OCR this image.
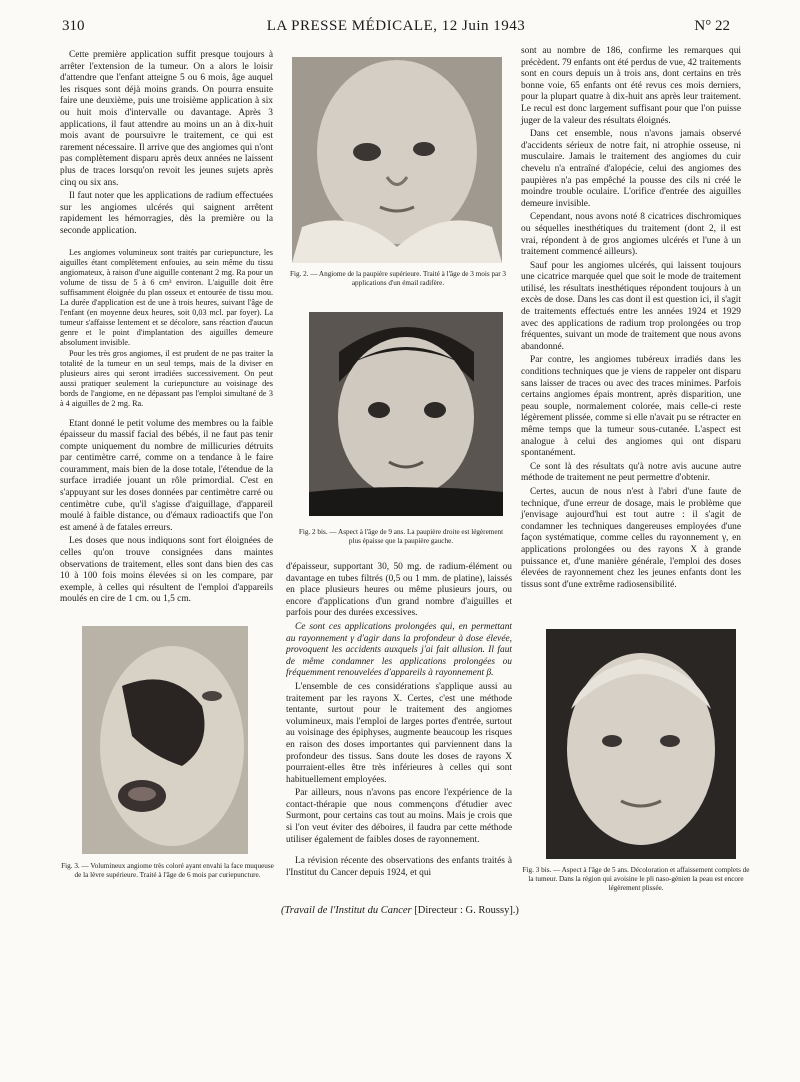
310	LA PRESSE MÉDICALE, 12 Juin 1943	N° 22

Cette première application suffit presque toujours à arrêter l'extension de la tumeur. On a alors le loisir d'attendre que l'enfant atteigne 5 ou 6 mois, âge auquel les risques sont déjà moins grands. On pourra ensuite faire une deuxième, puis une troisième application à six ou huit mois d'intervalle ou davantage. Après 3 applications, il faut attendre au moins un an à dix-huit mois avant de poursuivre le traitement, ce qui est rarement nécessaire. Il arrive que des angiomes qui n'ont pas complètement disparu après deux années ne laissent plus de traces lorsqu'on revoit les jeunes sujets après cinq ou six ans.

Il faut noter que les applications de radium effectuées sur les angiomes ulcérés qui saignent arrêtent rapidement les hémorragies, dès la première ou la seconde application.

Les angiomes volumineux sont traités par curiepuncture, les aiguilles étant complètement enfouies, au sein même du tissu angiomateux, à raison d'une aiguille contenant 2 mg. Ra pour un volume de tissu de 5 à 6 cm³ environ. L'aiguille doit être suffisamment éloignée du plan osseux et entourée de tissu mou. La durée d'application est de une à trois heures, suivant l'âge de l'enfant (en moyenne deux heures, soit 0,03 mcl. par foyer). La tumeur s'affaisse lentement et se décolore, sans réaction d'aucun genre et le point d'implantation des aiguilles demeure absolument invisible.

Pour les très gros angiomes, il est prudent de ne pas traiter la totalité de la tumeur en un seul temps, mais de la diviser en plusieurs aires qui seront irradiées successivement. On peut aussi pratiquer seulement la curiepuncture au voisinage des bords de l'angiome, en ne dépassant pas l'emploi simultané de 3 à 4 aiguilles de 2 mg. Ra.

Etant donné le petit volume des membres ou la faible épaisseur du massif facial des bébés, il ne faut pas tenir compte uniquement du nombre de millicuries détruits par centimètre carré, comme on a tendance à le faire couramment, mais bien de la dose totale, l'étendue de la surface irradiée jouant un rôle primordial. C'est en s'appuyant sur les doses données par centimètre carré ou centimètre cube, qu'il s'agisse d'aiguillage, d'appareil moulé à faible distance, ou d'émaux radioactifs que l'on est amené à de fatales erreurs.

Les doses que nous indiquons sont fort éloignées de celles qu'on trouve consignées dans maintes observations de traitement, elles sont dans bien des cas 10 à 100 fois moins élevées si on les compare, par exemple, à celles qui résultent de l'emploi d'appareils moulés en cire de 1 cm. ou 1,5 cm.

Fig. 3. — Volumineux angiome très coloré ayant envahi la face muqueuse de la lèvre supérieure. Traité à l'âge de 6 mois par curiepuncture.
Fig. 2. — Angiome de la paupière supérieure. Traité à l'âge de 3 mois par 3 applications d'un émail radifère.
Fig. 2 bis. — Aspect à l'âge de 9 ans. La paupière droite est légèrement plus épaisse que la paupière gauche.

d'épaisseur, supportant 30, 50 mg. de radium-élément ou davantage en tubes filtrés (0,5 ou 1 mm. de platine), laissés en place plusieurs heures ou même plusieurs jours, ou encore d'applications d'un grand nombre d'aiguilles et parfois pour des durées excessives.

Ce sont ces applications prolongées qui, en permettant au rayonnement γ d'agir dans la profondeur à dose élevée, provoquent les accidents auxquels j'ai fait allusion. Il faut de même condamner les applications prolongées ou fréquemment renouvelées d'appareils à rayonnement β.

L'ensemble de ces considérations s'applique aussi au traitement par les rayons X. Certes, c'est une méthode tentante, surtout pour le traitement des angiomes volumineux, mais l'emploi de larges portes d'entrée, surtout au voisinage des épiphyses, augmente beaucoup les risques en raison des doses importantes qui parviennent dans la profondeur des tissus. Sans doute les doses de rayons X pourraient-elles être très inférieures à celles qui sont habituellement employées.

Par ailleurs, nous n'avons pas encore l'expérience de la contact-thérapie que nous commençons d'étudier avec Surmont, pour certains cas tout au moins. Mais je crois que si l'on veut éviter des déboires, il faudra par cette méthode utiliser également de faibles doses de rayonnement.

La révision récente des observations des enfants traités à l'Institut du Cancer depuis 1924, et qui

sont au nombre de 186, confirme les remarques qui précèdent. 79 enfants ont été perdus de vue, 42 traitements sont en cours depuis un à trois ans, dont certains en très bonne voie, 65 enfants ont été revus ces mois derniers, pour la plupart quatre à dix-huit ans après leur traitement. Le recul est donc largement suffisant pour que l'on puisse juger de la valeur des résultats éloignés.

Dans cet ensemble, nous n'avons jamais observé d'accidents sérieux de notre fait, ni atrophie osseuse, ni musculaire. Jamais le traitement des angiomes du cuir chevelu n'a entraîné d'alopécie, celui des angiomes des paupières n'a pas empêché la pousse des cils ni créé le moindre trouble oculaire. L'orifice d'entrée des aiguilles demeure invisible.

Cependant, nous avons noté 8 cicatrices dischromiques ou séquelles inesthétiques du traitement (dont 2, il est vrai, répondent à de gros angiomes ulcérés et l'une à un traitement commencé ailleurs).

Sauf pour les angiomes ulcérés, qui laissent toujours une cicatrice marquée quel que soit le mode de traitement utilisé, les résultats inesthétiques répondent toujours à un excès de dose. Dans les cas dont il est question ici, il s'agit de traitements effectués entre les années 1924 et 1929 avec des applications de radium trop prolongées ou trop fréquentes, suivant un mode de traitement que nous avons abandonné.

Par contre, les angiomes tubéreux irradiés dans les conditions techniques que je viens de rappeler ont disparu sans laisser de traces ou avec des traces minimes. Parfois certains angiomes épais montrent, après disparition, une peau souple, normalement colorée, mais celle-ci reste légèrement plissée, comme si elle n'avait pu se rétracter en même temps que la tumeur sous-cutanée. L'aspect est analogue à celui des angiomes qui ont disparu spontanément.

Ce sont là des résultats qu'à notre avis aucune autre méthode de traitement ne peut permettre d'obtenir.

Certes, aucun de nous n'est à l'abri d'une faute de technique, d'une erreur de dosage, mais le problème que j'envisage aujourd'hui est tout autre : il s'agit de condamner les techniques dangereuses employées d'une façon systématique, comme celles du rayonnement γ, en applications prolongées ou des rayons X à grande puissance et, d'une manière générale, l'emploi des doses élevées de rayonnement chez les jeunes enfants dont les tissus sont d'une extrême radiosensibilité.

Fig. 3 bis. — Aspect à l'âge de 5 ans. Décoloration et affaissement complets de la tumeur. Dans la région qui avoisine le pli naso-génien la peau est encore légèrement plissée.
(Travail de l'Institut du Cancer [Directeur : G. Roussy].)
